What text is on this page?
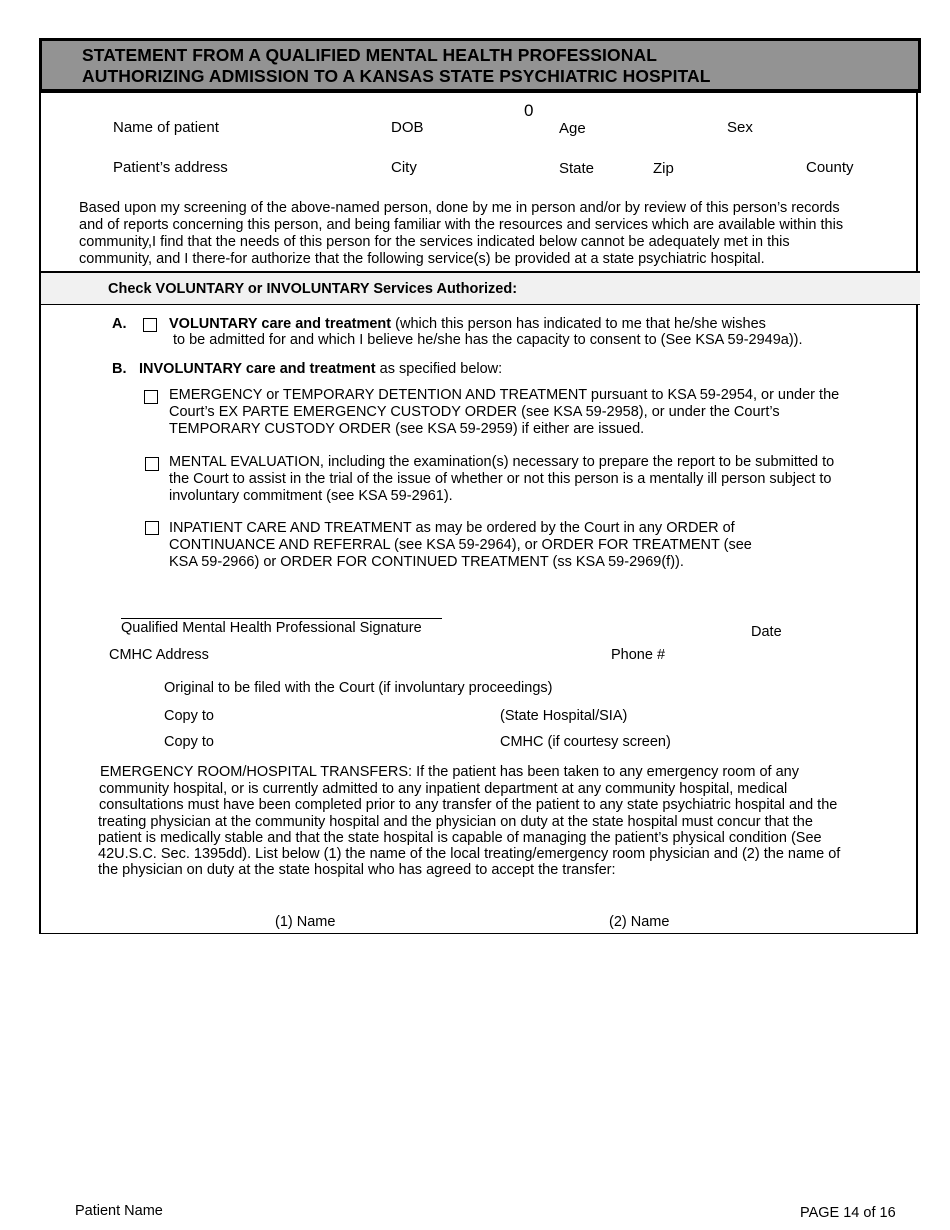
STATEMENT FROM A QUALIFIED MENTAL HEALTH PROFESSIONAL
AUTHORIZING ADMISSION TO A KANSAS STATE PSYCHIATRIC HOSPITAL
0
Name of patient	DOB	Age	Sex
Patient’s address	City	State	Zip	County
Based upon my screening of the above-named person, done by me in person and/or by review of this person’s records
and of reports concerning this person, and being familiar with the resources and services which are available within this
community,I find that the needs of this person for the services indicated below cannot be adequately met in this
community, and I there-for authorize that the following service(s) be provided at a state psychiatric hospital.
Check VOLUNTARY or INVOLUNTARY Services Authorized:
A.	VOLUNTARY care and treatment (which this person has indicated to me that he/she wishes
to be admitted for and which I believe he/she has the capacity to consent to (See KSA 59-2949a)).
B. INVOLUNTARY care and treatment as specified below:
EMERGENCY or TEMPORARY DETENTION AND TREATMENT pursuant to KSA 59-2954, or under the
Court’s EX PARTE EMERGENCY CUSTODY ORDER (see KSA 59-2958), or under the Court’s
TEMPORARY CUSTODY ORDER (see KSA 59-2959) if either are issued.
MENTAL EVALUATION, including the examination(s) necessary to prepare the report to be submitted to
the Court to assist in the trial of the issue of whether or not this person is a mentally ill person subject to
involuntary commitment (see KSA 59-2961).
INPATIENT CARE AND TREATMENT as may be ordered by the Court in any ORDER of
CONTINUANCE AND REFERRAL (see KSA 59-2964), or ORDER FOR TREATMENT (see
KSA 59-2966) or ORDER FOR CONTINUED TREATMENT (ss KSA 59-2969(f)).
Qualified Mental Health Professional Signature	Date
CMHC Address	Phone #
Original to be filed with the Court (if involuntary proceedings)
Copy to	(State Hospital/SIA)
Copy to	CMHC (if courtesy screen)
EMERGENCY ROOM/HOSPITAL TRANSFERS: If the patient has been taken to any emergency room of any
community hospital, or is currently admitted to any inpatient department at any community hospital, medical
consultations must have been completed prior to any transfer of the patient to any state psychiatric hospital and the
treating physician at the community hospital and the physician on duty at the state hospital must concur that the
patient is medically stable and that the state hospital is capable of managing the patient’s physical condition (See
42U.S.C. Sec. 1395dd). List below (1) the name of the local treating/emergency room physician and (2) the name of
the physician on duty at the state hospital who has agreed to accept the transfer:
(1) Name	(2) Name
Patient Name	PAGE 14 of 16
